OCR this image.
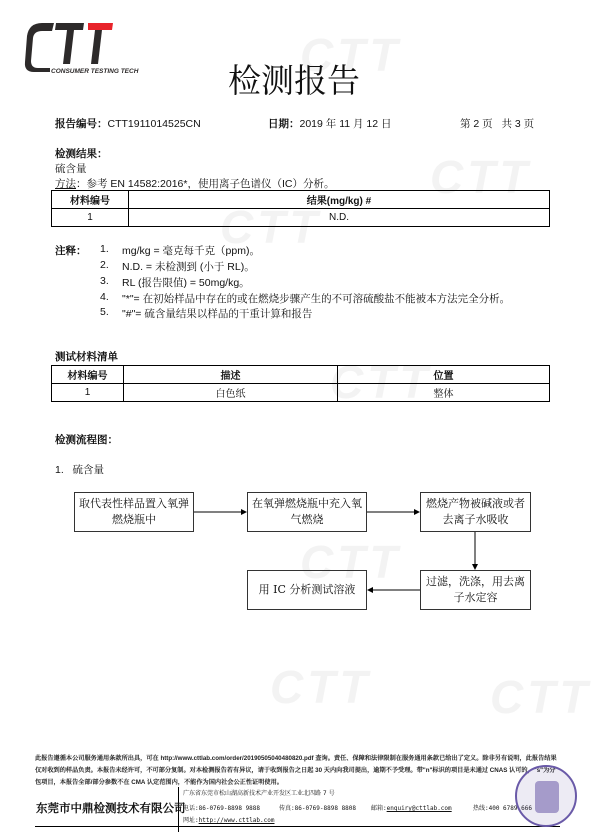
CTT
CTT
CTT
CTT
CTT
CTT	CTT
CONSUMER TESTING TECH	检测报告
报告编号：CTT1911014525CN	日期：2019 年 11 月 12 日	第 2 页 共 3 页
检测结果：
硫含量
方法：参考 EN 14582:2016*，使用离子色谱仪（IC）分析。
材料编号	结果(mg/kg) #
1	N.D.
注释： 1. mg/kg = 毫克每千克（ppm)。
2. N.D. = 未检测到 (小于 RL)。
3. RL (报告限值) = 50mg/kg。
4. "*"= 在初始样品中存在的或在燃烧步骤产生的不可溶硫酸盐不能被本方法完全分析。
5. "#"= 硫含量结果以样品的干重计算和报告
测试材料清单
材料编号	描述	位置
1	白色纸	整体
检测流程图：
1. 硫含量
取代表性样品置入氧弹燃烧瓶中
在氧弹燃烧瓶中充入氧气燃烧
燃烧产物被碱液或者去离子水吸收
过滤，洗涤，用去离子水定容
用 IC 分析测试溶液
此报告遵循本公司服务通用条款所出具，可在 http://www.cttlab.com/order/20190505040480820.pdf 查询。责任、保障和法律限制在服务通用条款已给出了定义。除非另有说明，此报告结果仅对收到的样品负责。本报告未经许可，不可部分复制。对本检测报告若有异议，请于收到报告之日起 30 天内向我司提出，逾期不予受理。带"n"标识的项目是未通过 CNAS 认可的，"s"为分包项目，本报告全部/部分参数不在 CMA 认定范围内，不能作为国内社会公正性证明使用。
东莞市中鼎检测技术有限公司
广东省东莞市松山湖高新技术产业开发区工业北四路 7 号
电话:86-0769-8898 9888	传真:86-0769-8898 8808 邮箱:enquiry@cttlab.com	热线:400 6789 666
网址:http://www.cttlab.com
